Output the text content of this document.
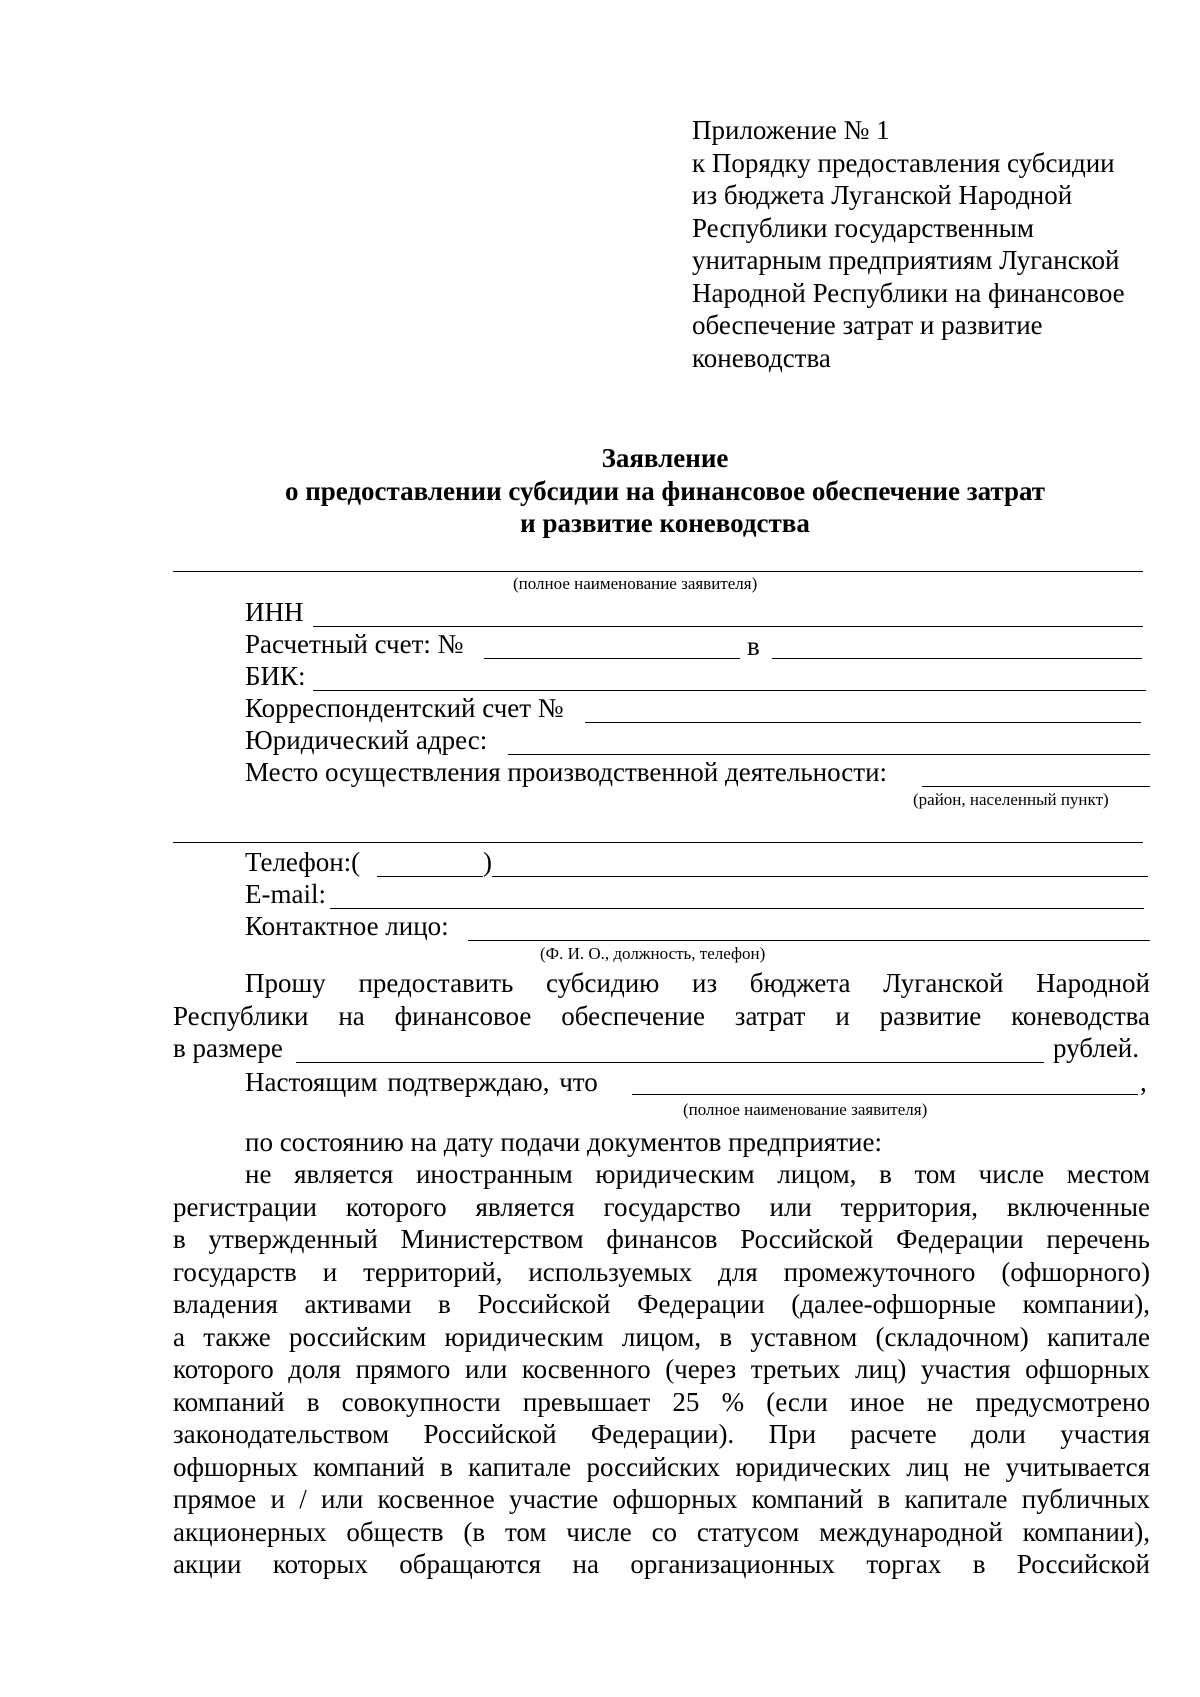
Приложение № 1
к Порядку предоставления субсидии
из бюджета Луганской Народной
Республики государственным
унитарным предприятиям Луганской
Народной Республики на финансовое
обеспечение затрат и развитие
коневодства
Заявление
о предоставлении субсидии на финансовое обеспечение затрат
и развитие коневодства
(полное наименование заявителя)
ИНН
Расчетный счет: №	в
БИК:
Корреспондентский счет №
Юридический адрес:
Место осуществления производственной деятельности:
(район, населенный пункт)
Телефон:(	)
E-mail:
Контактное лицо:
(Ф. И. О., должность, телефон)
Прошу предоставить субсидию из бюджета Луганской Народной
Республики на финансовое обеспечение затрат и развитие коневодства
в размере	рублей.
Настоящим подтверждаю, что	,
(полное наименование заявителя)
по состоянию на дату подачи документов предприятие:
не является иностранным юридическим лицом, в том числе местом
регистрации которого является государство или территория, включенные
в утвержденный Министерством финансов Российской Федерации перечень
государств и территорий, используемых для промежуточного (офшорного)
владения активами в Российской Федерации (далее-офшорные компании),
а также российским юридическим лицом, в уставном (складочном) капитале
которого доля прямого или косвенного (через третьих лиц) участия офшорных
компаний в совокупности превышает 25 % (если иное не предусмотрено
законодательством Российской Федерации). При расчете доли участия
офшорных компаний в капитале российских юридических лиц не учитывается
прямое и / или косвенное участие офшорных компаний в капитале публичных
акционерных обществ (в том числе со статусом международной компании),
акции которых обращаются на организационных торгах в Российской
